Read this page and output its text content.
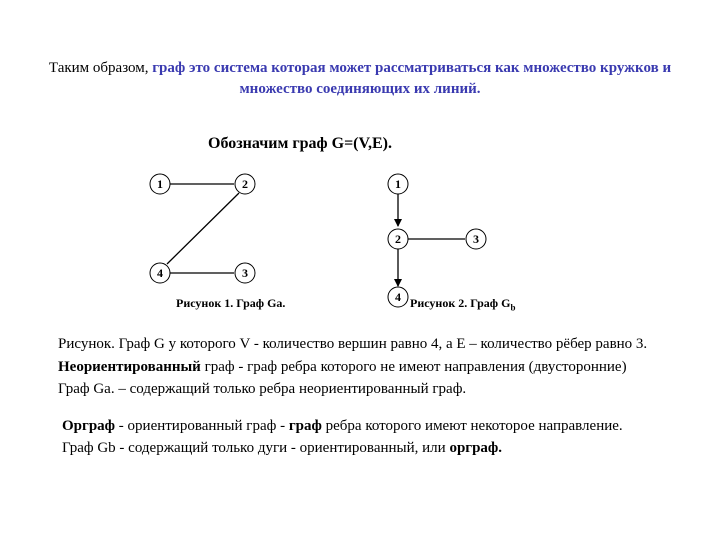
Таким образом, граф это система которая может рассматриваться как множество кружков и множество соединяющих их линий.
Обозначим граф G=(V,E).
1	2
4	3
1
2	3
4
Рисунок 1. Граф Ga.	Рисунок 2. Граф $G_b$

Рисунок. Граф G у которого V - количество вершин равно 4, а Е – количество рёбер равно 3.

Неориентированный граф - граф ребра которого не имеют направления (двусторонние)

Граф Ga. – содержащий только ребра неориентированный граф.

Орграф - ориентированный граф - граф ребра которого имеют некоторое направление.

Граф Gb - содержащий только дуги - ориентированный, или орграф.
